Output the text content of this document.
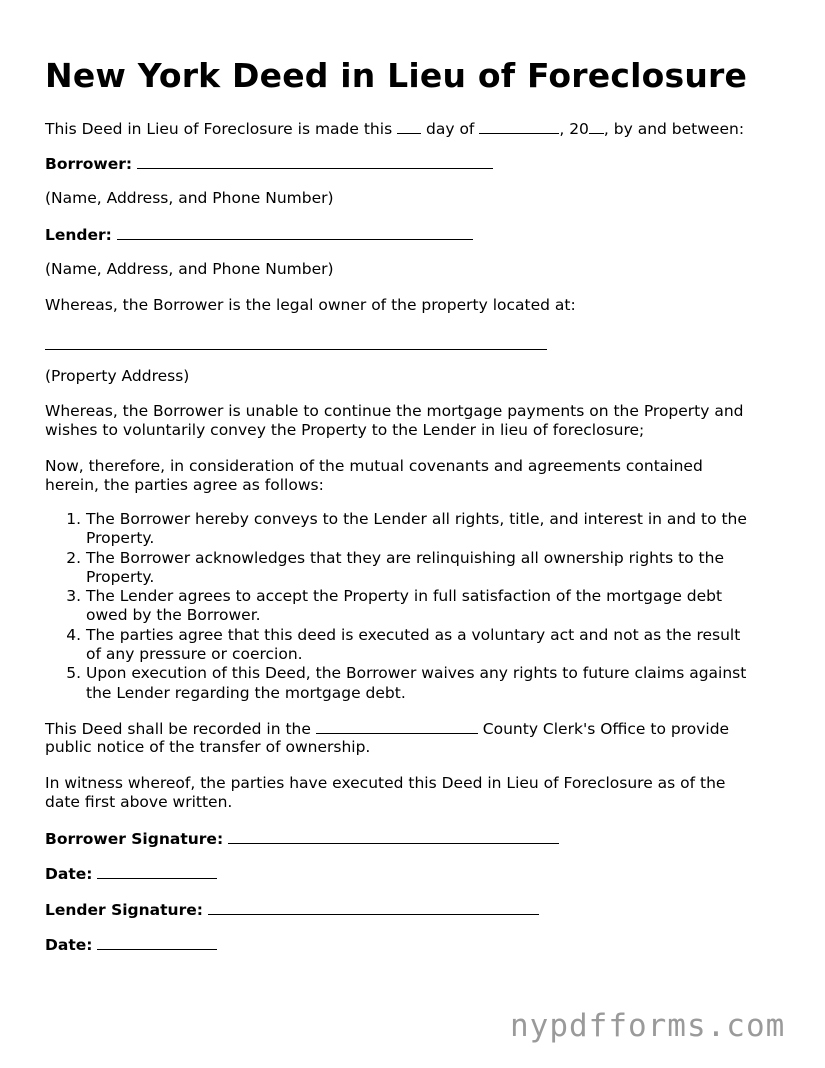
New York Deed in Lieu of Foreclosure

This Deed in Lieu of Foreclosure is made this day of	, 20 , by and between:

Borrower:

(Name, Address, and Phone Number)

Lender:

(Name, Address, and Phone Number)

Whereas, the Borrower is the legal owner of the property located at:

(Property Address)

Whereas, the Borrower is unable to continue the mortgage payments on the Property and

wishes to voluntarily convey the Property to the Lender in lieu of foreclosure;

Now, therefore, in consideration of the mutual covenants and agreements contained

herein, the parties agree as follows:

1. The Borrower hereby conveys to the Lender all rights, title, and interest in and to the
Property.
2. The Borrower acknowledges that they are relinquishing all ownership rights to the
Property.
3. The Lender agrees to accept the Property in full satisfaction of the mortgage debt
owed by the Borrower.
4. The parties agree that this deed is executed as a voluntary act and not as the result
of any pressure or coercion.
5. Upon execution of this Deed, the Borrower waives any rights to future claims against
the Lender regarding the mortgage debt.

This Deed shall be recorded in the	County Clerk's Office to provide

public notice of the transfer of ownership.

In witness whereof, the parties have executed this Deed in Lieu of Foreclosure as of the

date first above written.

Borrower Signature:

Date:

Lender Signature:

Date:

nypdfforms.com
